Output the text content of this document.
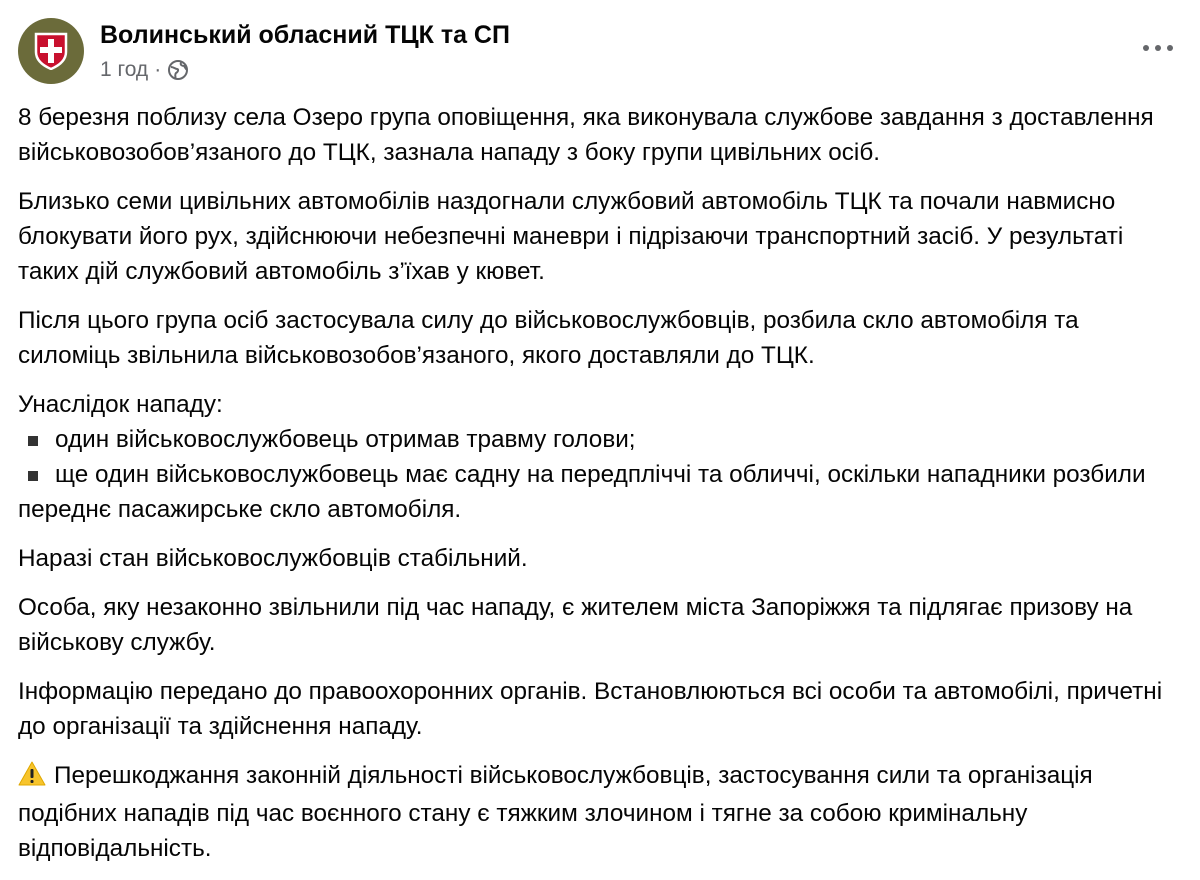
Волинський обласний ТЦК та СП
1 год ·

8 березня поблизу села Озеро група оповіщення, яка виконувала службове завдання з доставлення військовозобов’язаного до ТЦК, зазнала нападу з боку групи цивільних осіб.

Близько семи цивільних автомобілів наздогнали службовий автомобіль ТЦК та почали навмисно блокувати його рух, здійснюючи небезпечні маневри і підрізаючи транспортний засіб. У результаті таких дій службовий автомобіль з’їхав у кювет.

Після цього група осіб застосувала силу до військовослужбовців, розбила скло автомобіля та силоміць звільнила військовозобов’язаного, якого доставляли до ТЦК.

Унаслідок нападу:

один військовослужбовець отримав травму голови;
ще один військовослужбовець має садну на передпліччі та обличчі, оскільки нападники розбили переднє пасажирське скло автомобіля.

Наразі стан військовослужбовців стабільний.

Особа, яку незаконно звільнили під час нападу, є жителем міста Запоріжжя та підлягає призову на військову службу.

Інформацію передано до правоохоронних органів. Встановлюються всі особи та автомобілі, причетні до організації та здійснення нападу.

Перешкоджання законній діяльності військовослужбовців, застосування сили та організація подібних нападів під час воєнного стану є тяжким злочином і тягне за собою кримінальну відповідальність.
